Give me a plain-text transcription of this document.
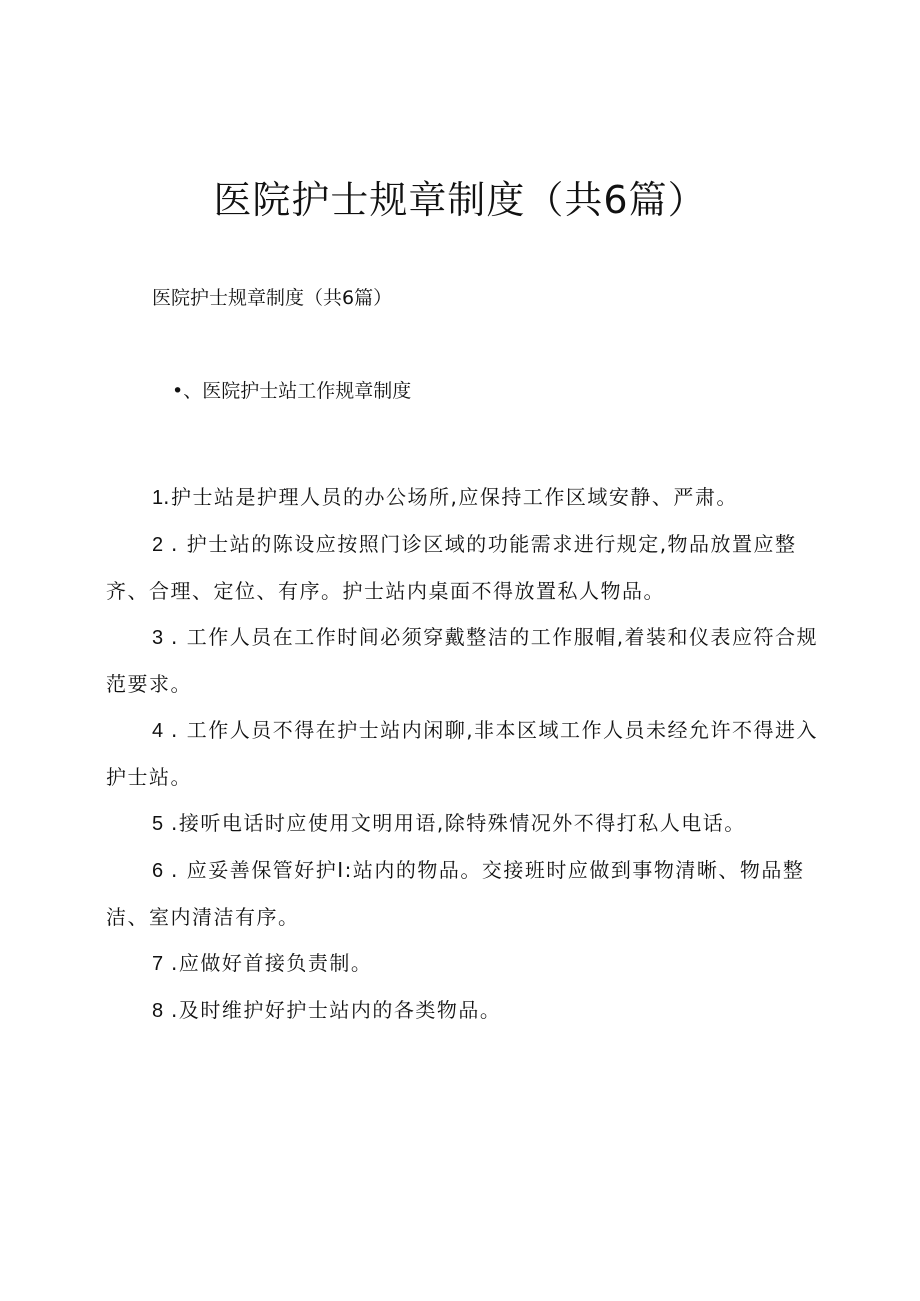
医院护士规章制度（共6篇）

医院护士规章制度（共6篇）

•、医院护士站工作规章制度

1.护士站是护理人员的办公场所,应保持工作区域安静、严肃。
2 . 护士站的陈设应按照门诊区域的功能需求进行规定,物品放置应整齐、合理、定位、有序。护士站内桌面不得放置私人物品。
3 . 工作人员在工作时间必须穿戴整洁的工作服帽,着装和仪表应符合规范要求。
4 . 工作人员不得在护士站内闲聊,非本区域工作人员未经允许不得进入护士站。
5 .接听电话时应使用文明用语,除特殊情况外不得打私人电话。
6 . 应妥善保管好护I:站内的物品。交接班时应做到事物清晰、物品整洁、室内清洁有序。
7 .应做好首接负责制。
8 .及时维护好护士站内的各类物品。
